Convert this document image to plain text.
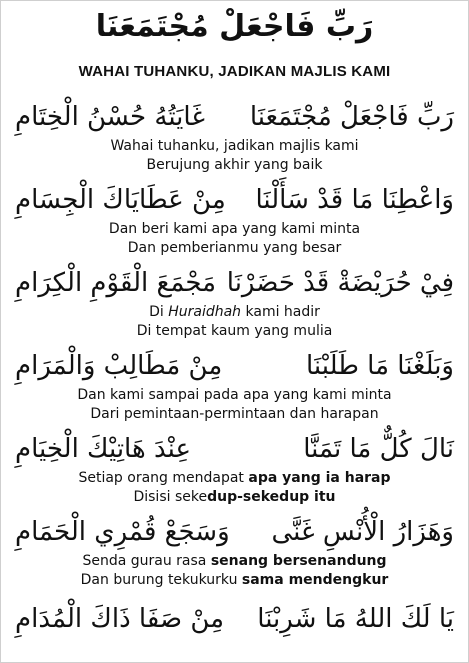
رَبِّ فَاجْعَلْ مُجْتَمَعَنَا
WAHAI TUHANKU, JADIKAN MAJLIS KAMI
رَبِّ فَاجْعَلْ مُجْتَمَعَنَا
غَايَتُهُ حُسْنُ الْخِتَامِ
Wahai tuhanku, jadikan majlis kami
Berujung akhir yang baik
وَاعْطِنَا مَا قَدْ سَأَلْنَا
مِنْ عَطَايَاكَ الْجِسَامِ
Dan beri kami apa yang kami minta
Dan pemberianmu yang besar
فِيْ حُرَيْضَةْ قَدْ حَضَرْنَا
مَجْمَعَ الْقَوْمِ الْكِرَامِ
Di Huraidhah kami hadir
Di tempat kaum yang mulia
وَبَلَغْنَا مَا طَلَبْنَا
مِنْ مَطَالِبْ وَالْمَرَامِ
Dan kami sampai pada apa yang kami minta
Dari pemintaan-permintaan dan harapan
نَالَ كُلٌّ مَا تَمَنَّا
عِنْدَ هَاتِيْكَ الْخِيَامِ
Setiap orang mendapat apa yang ia harap
Disisi sekedup-sekedup itu
وَهَزَارُ الْأُنْسِ غَنَّى
وَسَجَعْ قُمْرِي الْحَمَامِ
Senda gurau rasa senang bersenandung
Dan burung tekukurku sama mendengkur
يَا لَكَ اللهُ مَا شَرِبْنَا
مِنْ صَفَا ذَاكَ الْمُدَامِ
